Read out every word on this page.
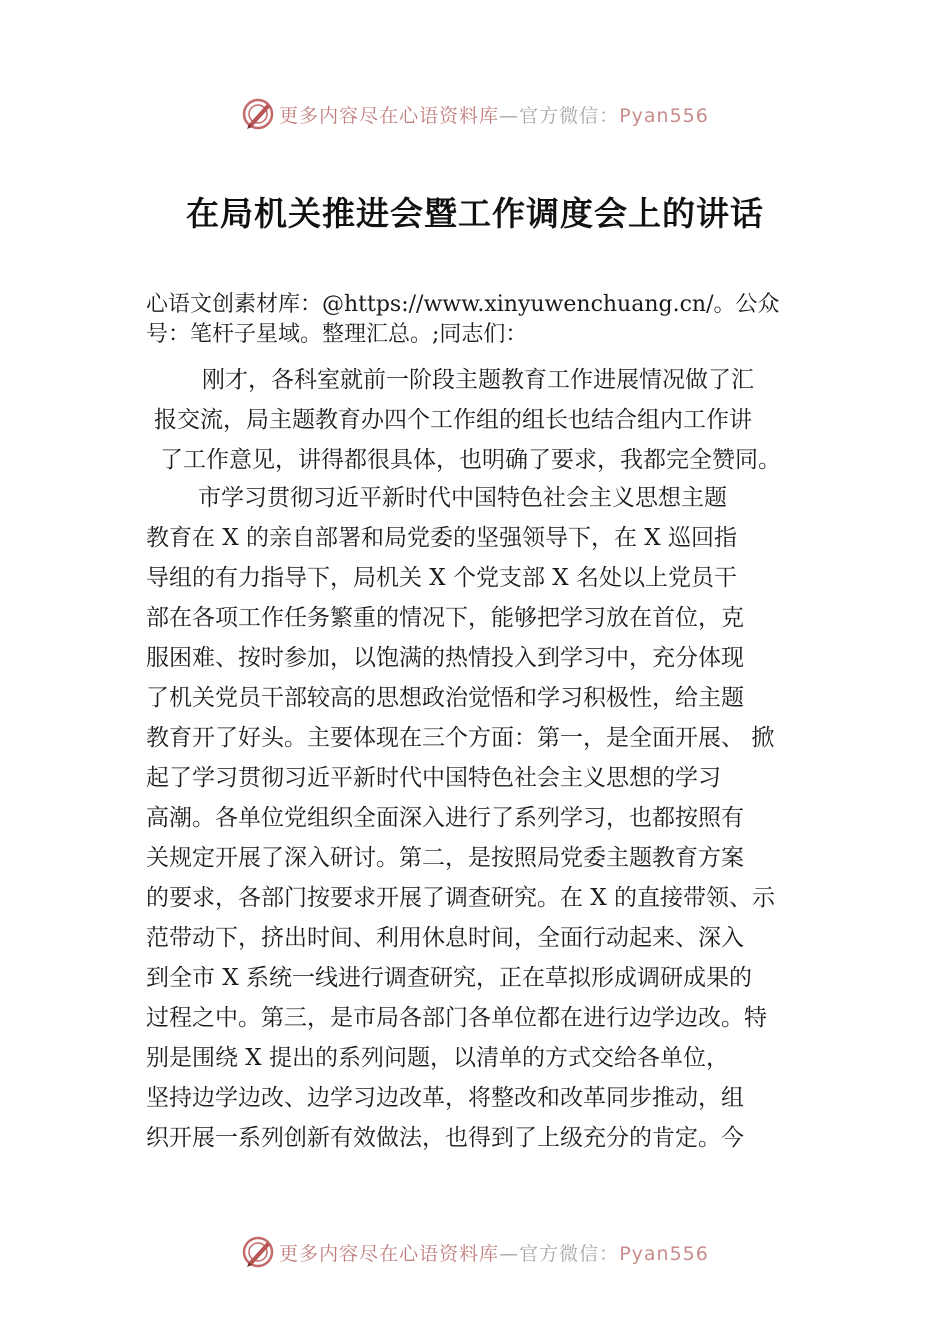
更多内容尽在心语资料库—官方微信：Pyan556
在局机关推进会暨工作调度会上的讲话
心语文创素材库：@https://www.xinyuwenchuang.cn/。公众
号：笔杆子星域。整理汇总。;同志们：
刚才，各科室就前一阶段主题教育工作进展情况做了汇
报交流，局主题教育办四个工作组的组长也结合组内工作讲
了工作意见，讲得都很具体，也明确了要求，我都完全赞同。
市学习贯彻习近平新时代中国特色社会主义思想主题
教育在 X 的亲自部署和局党委的坚强领导下，在 X 巡回指
导组的有力指导下，局机关 X 个党支部 X 名处以上党员干
部在各项工作任务繁重的情况下，能够把学习放在首位，克
服困难、按时参加，以饱满的热情投入到学习中，充分体现
了机关党员干部较高的思想政治觉悟和学习积极性，给主题
教育开了好头。主要体现在三个方面：第一，是全面开展、 掀
起了学习贯彻习近平新时代中国特色社会主义思想的学习
高潮。各单位党组织全面深入进行了系列学习，也都按照有
关规定开展了深入研讨。第二，是按照局党委主题教育方案
的要求，各部门按要求开展了调查研究。在 X 的直接带领、示
范带动下，挤出时间、利用休息时间，全面行动起来、深入
到全市 X 系统一线进行调查研究，正在草拟形成调研成果的
过程之中。第三，是市局各部门各单位都在进行边学边改。特
别是围绕 X 提出的系列问题，以清单的方式交给各单位，
坚持边学边改、边学习边改革，将整改和改革同步推动，组
织开展一系列创新有效做法，也得到了上级充分的肯定。今
更多内容尽在心语资料库—官方微信：Pyan556
